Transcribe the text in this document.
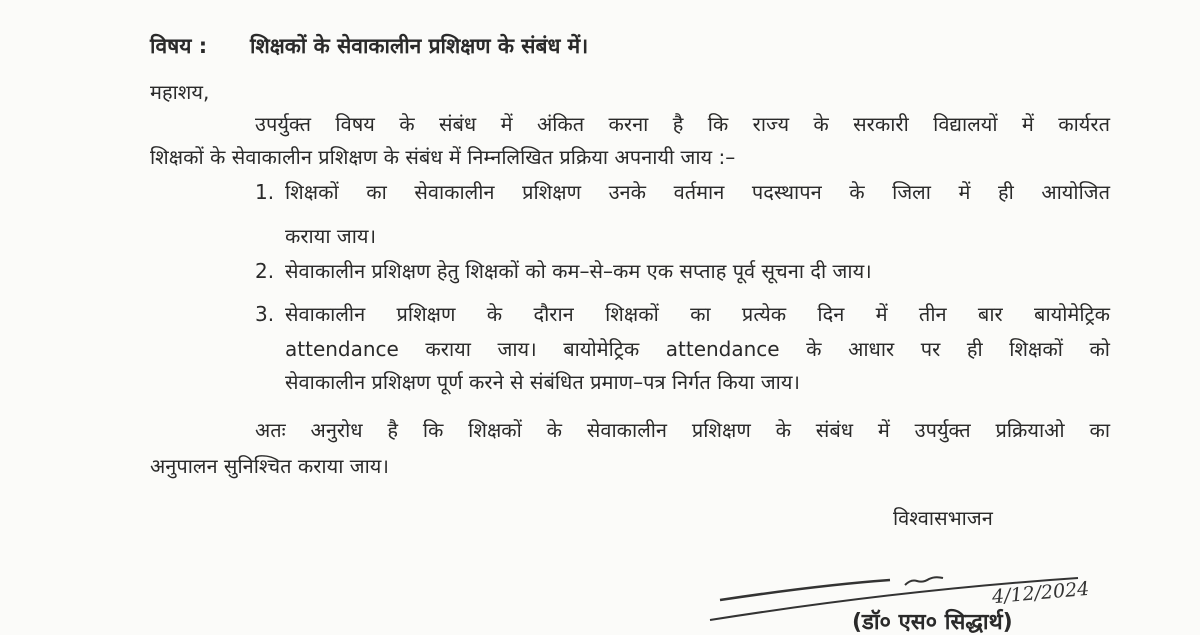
विषय : शिक्षकों के सेवाकालीन प्रशिक्षण के संबंध में।
महाशय,
उपर्युक्त विषय के संबंध में अंकित करना है कि राज्य के सरकारी विद्यालयों में कार्यरत
शिक्षकों के सेवाकालीन प्रशिक्षण के संबंध में निम्नलिखित प्रक्रिया अपनायी जाय :–
1. शिक्षकों का सेवाकालीन प्रशिक्षण उनके वर्तमान पदस्थापन के जिला में ही आयोजित
कराया जाय।
2. सेवाकालीन प्रशिक्षण हेतु शिक्षकों को कम–से–कम एक सप्ताह पूर्व सूचना दी जाय।
3. सेवाकालीन प्रशिक्षण के दौरान शिक्षकों का प्रत्येक दिन में तीन बार बायोमेट्रिक
attendance कराया जाय। बायोमेट्रिक attendance के आधार पर ही शिक्षकों को
सेवाकालीन प्रशिक्षण पूर्ण करने से संबंधित प्रमाण–पत्र निर्गत किया जाय।
अतः अनुरोध है कि शिक्षकों के सेवाकालीन प्रशिक्षण के संबंध में उपर्युक्त प्रक्रियाओ का
अनुपालन सुनिश्चित कराया जाय।
विश्वासभाजन
4/12/2024
(डॉ० एस० सिद्धार्थ)
